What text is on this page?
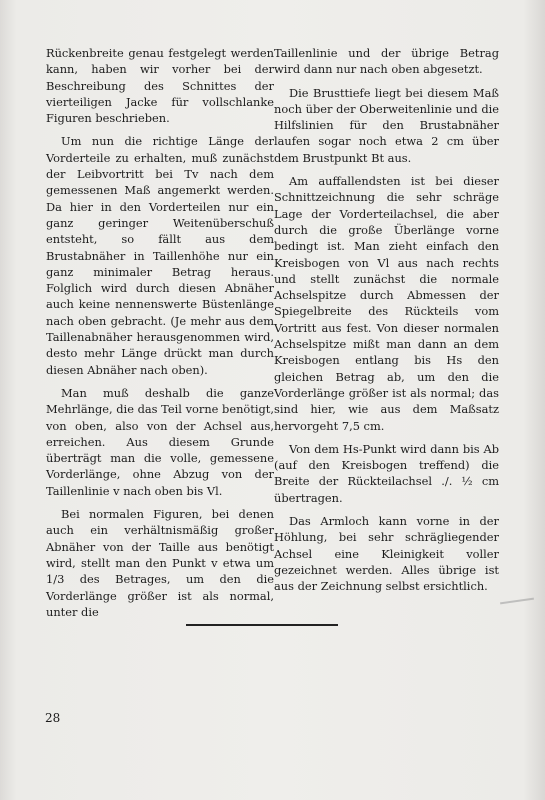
Rückenbreite genau festgelegt werden kann, haben wir vorher bei der Beschreibung des Schnittes der vierteiligen Jacke für vollschlanke Figuren beschrieben.

Um nun die richtige Länge der Vorderteile zu erhalten, muß zunächst der Leibvortritt bei Tv nach dem gemessenen Maß angemerkt werden. Da hier in den Vorderteilen nur ein ganz geringer Weitenüberschuß entsteht, so fällt aus dem Brustabnäher in Taillenhöhe nur ein ganz minimaler Betrag heraus. Folglich wird durch diesen Abnäher auch keine nennenswerte Büstenlänge nach oben gebracht. (Je mehr aus dem Taillenabnäher herausgenommen wird, desto mehr Länge drückt man durch diesen Abnäher nach oben).

Man muß deshalb die ganze Mehrlänge, die das Teil vorne benötigt, von oben, also von der Achsel aus, erreichen. Aus diesem Grunde überträgt man die volle, gemessene Vorderlänge, ohne Abzug von der Taillenlinie v nach oben bis Vl.

Bei normalen Figuren, bei denen auch ein verhältnismäßig großer Abnäher von der Taille aus benötigt wird, stellt man den Punkt v etwa um 1/3 des Betrages, um den die Vorderlänge größer ist als normal, unter die

Taillenlinie und der übrige Betrag wird dann nur nach oben abgesetzt.

Die Brusttiefe liegt bei diesem Maß noch über der Oberweitenlinie und die Hilfslinien für den Brustabnäher laufen sogar noch etwa 2 cm über dem Brustpunkt Bt aus.

Am auffallendsten ist bei dieser Schnittzeichnung die sehr schräge Lage der Vorderteilachsel, die aber durch die große Überlänge vorne bedingt ist. Man zieht einfach den Kreisbogen von Vl aus nach rechts und stellt zunächst die normale Achselspitze durch Abmessen der Spiegelbreite des Rückteils vom Vortritt aus fest. Von dieser normalen Achselspitze mißt man dann an dem Kreisbogen entlang bis Hs den gleichen Betrag ab, um den die Vorderlänge größer ist als normal; das sind hier, wie aus dem Maßsatz hervorgeht 7,5 cm.

Von dem Hs-Punkt wird dann bis Ab (auf den Kreisbogen treffend) die Breite der Rückteilachsel ./. ½ cm übertragen.

Das Armloch kann vorne in der Höhlung, bei sehr schrägliegender Achsel eine Kleinigkeit voller gezeichnet werden. Alles übrige ist aus der Zeichnung selbst ersichtlich.

28
